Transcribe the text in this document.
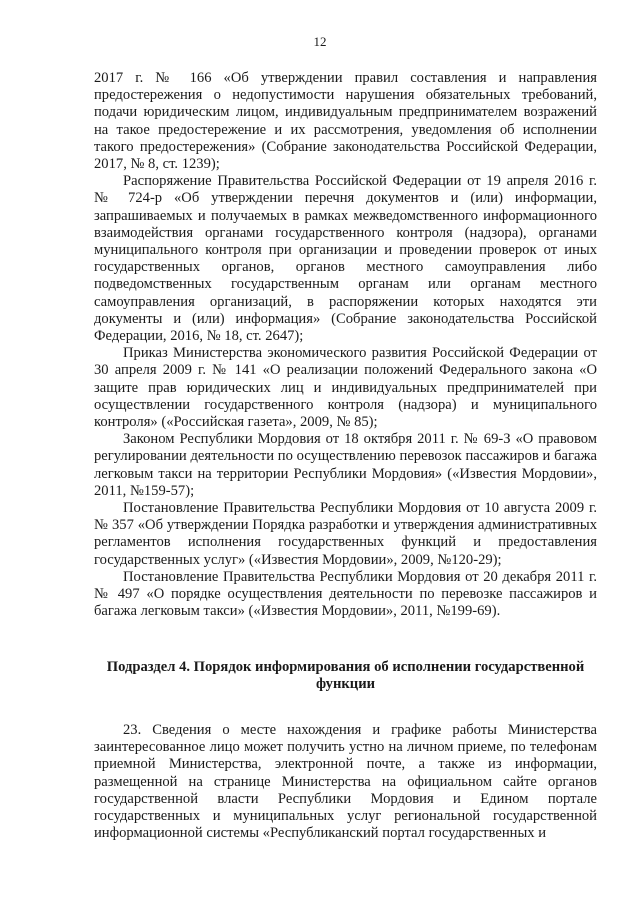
12

2017 г. № 166 «Об утверждении правил составления и направления предостережения о недопустимости нарушения обязательных требований, подачи юридическим лицом, индивидуальным предпринимателем возражений на такое предостережение и их рассмотрения, уведомления об исполнении такого предостережения» (Собрание законодательства Российской Федерации, 2017, № 8, ст. 1239);

Распоряжение Правительства Российской Федерации от 19 апреля 2016 г. № 724-р «Об утверждении перечня документов и (или) информации, запрашиваемых и получаемых в рамках межведомственного информационного взаимодействия органами государственного контроля (надзора), органами муниципального контроля при организации и проведении проверок от иных государственных органов, органов местного самоуправления либо подведомственных государственным органам или органам местного самоуправления организаций, в распоряжении которых находятся эти документы и (или) информация» (Собрание законодательства Российской Федерации, 2016, № 18, ст. 2647);

Приказ Министерства экономического развития Российской Федерации от 30 апреля 2009 г. № 141 «О реализации положений Федерального закона «О защите прав юридических лиц и индивидуальных предпринимателей при осуществлении государственного контроля (надзора) и муниципального контроля» («Российская газета», 2009, № 85);

Законом Республики Мордовия от 18 октября 2011 г. № 69-З «О правовом регулировании деятельности по осуществлению перевозок пассажиров и багажа легковым такси на территории Республики Мордовия» («Известия Мордовии», 2011, №159-57);

Постановление Правительства Республики Мордовия от 10 августа 2009 г. № 357 «Об утверждении Порядка разработки и утверждения административных регламентов исполнения государственных функций и предоставления государственных услуг» («Известия Мордовии», 2009, №120-29);

Постановление Правительства Республики Мордовия от 20 декабря 2011 г. № 497 «О порядке осуществления деятельности по перевозке пассажиров и багажа легковым такси» («Известия Мордовии», 2011, №199-69).

Подраздел 4. Порядок информирования об исполнении государственной функции

23. Сведения о месте нахождения и графике работы Министерства заинтересованное лицо может получить устно на личном приеме, по телефонам приемной Министерства, электронной почте, а также из информации, размещенной на странице Министерства на официальном сайте органов государственной власти Республики Мордовия и Едином портале государственных и муниципальных услуг региональной государственной информационной системы «Республиканский портал государственных и
